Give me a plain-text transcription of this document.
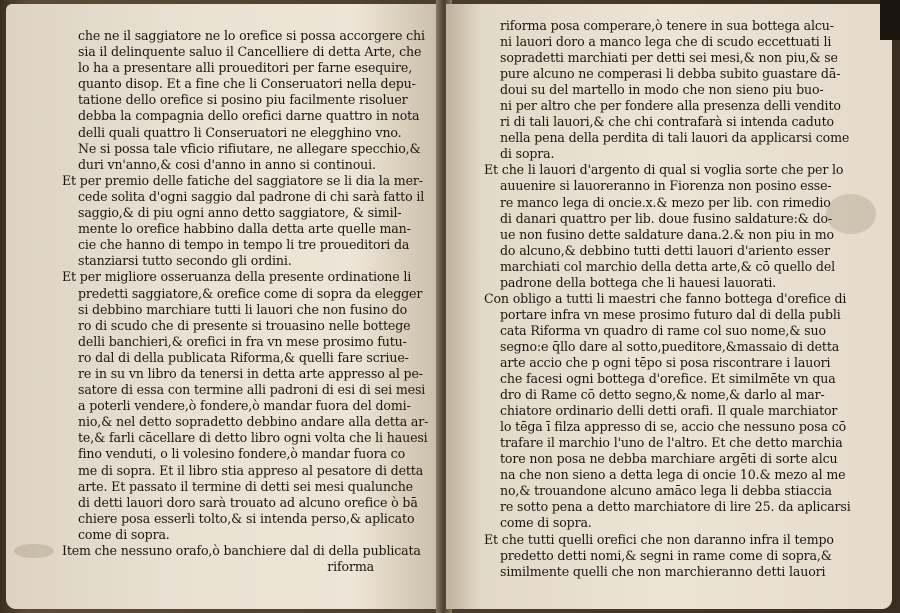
che ne il saggiatore ne lo orefice si possa accorgere chi
sia il delinquente saluo il Cancelliere di detta Arte, che
lo ha a presentare alli proueditori per farne esequire,
quanto disop. Et a fine che li Conseruatori nella depu-
tatione dello orefice si posino piu facilmente risoluer
debba la compagnia dello orefici darne quattro in nota
delli quali quattro li Conseruatori ne elegghino vno.
Ne si possa tale vficio rifiutare, ne allegare specchio,&
duri vn'anno,& cosi d'anno in anno si continoui.
Et per premio delle fatiche del saggiatore se li dia la mer-
cede solita d'ogni saggio dal padrone di chi sarà fatto il
saggio,& di piu ogni anno detto saggiatore, & simil-
mente lo orefice habbino dalla detta arte quelle man-
cie che hanno di tempo in tempo li tre proueditori da
stanziarsi tutto secondo gli ordini.
Et per migliore osseruanza della presente ordinatione li
predetti saggiatore,& orefice come di sopra da elegger
si debbino marchiare tutti li lauori che non fusino do
ro di scudo che di presente si trouasino nelle bottege
delli banchieri,& orefici in fra vn mese prosimo futu-
ro dal di della publicata Riforma,& quelli fare scriue-
re in su vn libro da tenersi in detta arte appresso al pe-
satore di essa con termine alli padroni di esi di sei mesi
a poterli vendere,ò fondere,ò mandar fuora del domi-
nio,& nel detto sopradetto debbino andare alla detta ar-
te,& farli cācellare di detto libro ogni volta che li hauesi
fino venduti, o li volesino fondere,ò mandar fuora co
me di sopra. Et il libro stia appreso al pesatore di detta
arte. Et passato il termine di detti sei mesi qualunche
di detti lauori doro sarà trouato ad alcuno orefice ò bā
chiere posa esserli tolto,& si intenda perso,& aplicato
come di sopra.
Item che nessuno orafo,ò banchiere dal di della publicata
riforma
riforma posa comperare,ò tenere in sua bottega alcu-
ni lauori doro a manco lega che di scudo eccettuati li
sopradetti marchiati per detti sei mesi,& non piu,& se
pure alcuno ne comperasi li debba subito guastare dā-
doui su del martello in modo che non sieno piu buo-
ni per altro che per fondere alla presenza delli vendito
ri di tali lauori,& che chi contrafarà si intenda caduto
nella pena della perdita di tali lauori da applicarsi come
di sopra.
Et che li lauori d'argento di qual si voglia sorte che per lo
auuenire si lauoreranno in Fiorenza non posino esse-
re manco lega di oncie.x.& mezo per lib. con rimedio
di danari quattro per lib. doue fusino saldature:& do-
ue non fusino dette saldature dana.2.& non piu in mo
do alcuno,& debbino tutti detti lauori d'ariento esser
marchiati col marchio della detta arte,& cō quello del
padrone della bottega che li hauesi lauorati.
Con obligo a tutti li maestri che fanno bottega d'orefice di
portare infra vn mese prosimo futuro dal di della publi
cata Riforma vn quadro di rame col suo nome,& suo
segno:e q̄llo dare al sotto,pueditore,&massaio di detta
arte accio che p ogni tēpo si posa riscontrare i lauori
che facesi ogni bottega d'orefice. Et similmēte vn qua
dro di Rame cō detto segno,& nome,& darlo al mar-
chiatore ordinario delli detti orafi. Il quale marchiator
lo tēga ī filza appresso di se, accio che nessuno posa cō
trafare il marchio l'uno de l'altro. Et che detto marchia
tore non posa ne debba marchiare argēti di sorte alcu
na che non sieno a detta lega di oncie 10.& mezo al me
no,& trouandone alcuno amāco lega li debba stiaccia
re sotto pena a detto marchiatore di lire 25. da aplicarsi
come di sopra.
Et che tutti quelli orefici che non daranno infra il tempo
predetto detti nomi,& segni in rame come di sopra,&
similmente quelli che non marchieranno detti lauori
